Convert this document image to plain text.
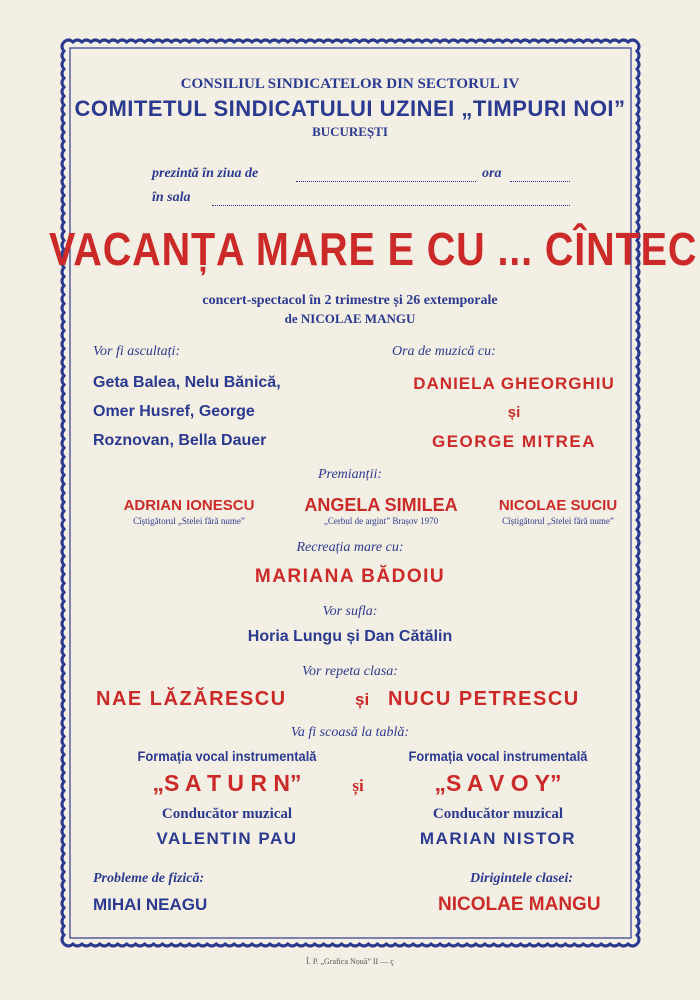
CONSILIUL SINDICATELOR DIN SECTORUL IV
COMITETUL SINDICATULUI UZINEI „TIMPURI NOI”
BUCUREȘTI
prezintă în ziua de	ora
în sala
VACANȚA MARE E CU ... CÎNTEC
concert-spectacol în 2 trimestre și 26 extemporale
de NICOLAE MANGU
Vor fi ascultați:
Geta Balea, Nelu Bănică,
Omer Husref, George
Roznovan, Bella Dauer
Ora de muzică cu:
DANIELA GHEORGHIU
și
GEORGE MITREA
Premianții:
ADRIAN IONESCU
Cîștigătorul „Stelei fără nume”
ANGELA SIMILEA
„Cerbul de argint” Brașov 1970
NICOLAE SUCIU
Cîștigătorul „Stelei fără nume”
Recreația mare cu:
MARIANA BĂDOIU
Vor sufla:
Horia Lungu și Dan Cătălin
Vor repeta clasa:
NAE LĂZĂRESCU	și NUCU PETRESCU
Va fi scoasă la tablă:
Formația vocal instrumentală
„S A T U R N”
Conducător muzical
VALENTIN PAU
și
Formația vocal instrumentală
„S A V O Y”
Conducător muzical
MARIAN NISTOR
Probleme de fizică:
MIHAI NEAGU
Dirigintele clasei:
NICOLAE MANGU
Î. P. „Grafica Nouă” II — ç
